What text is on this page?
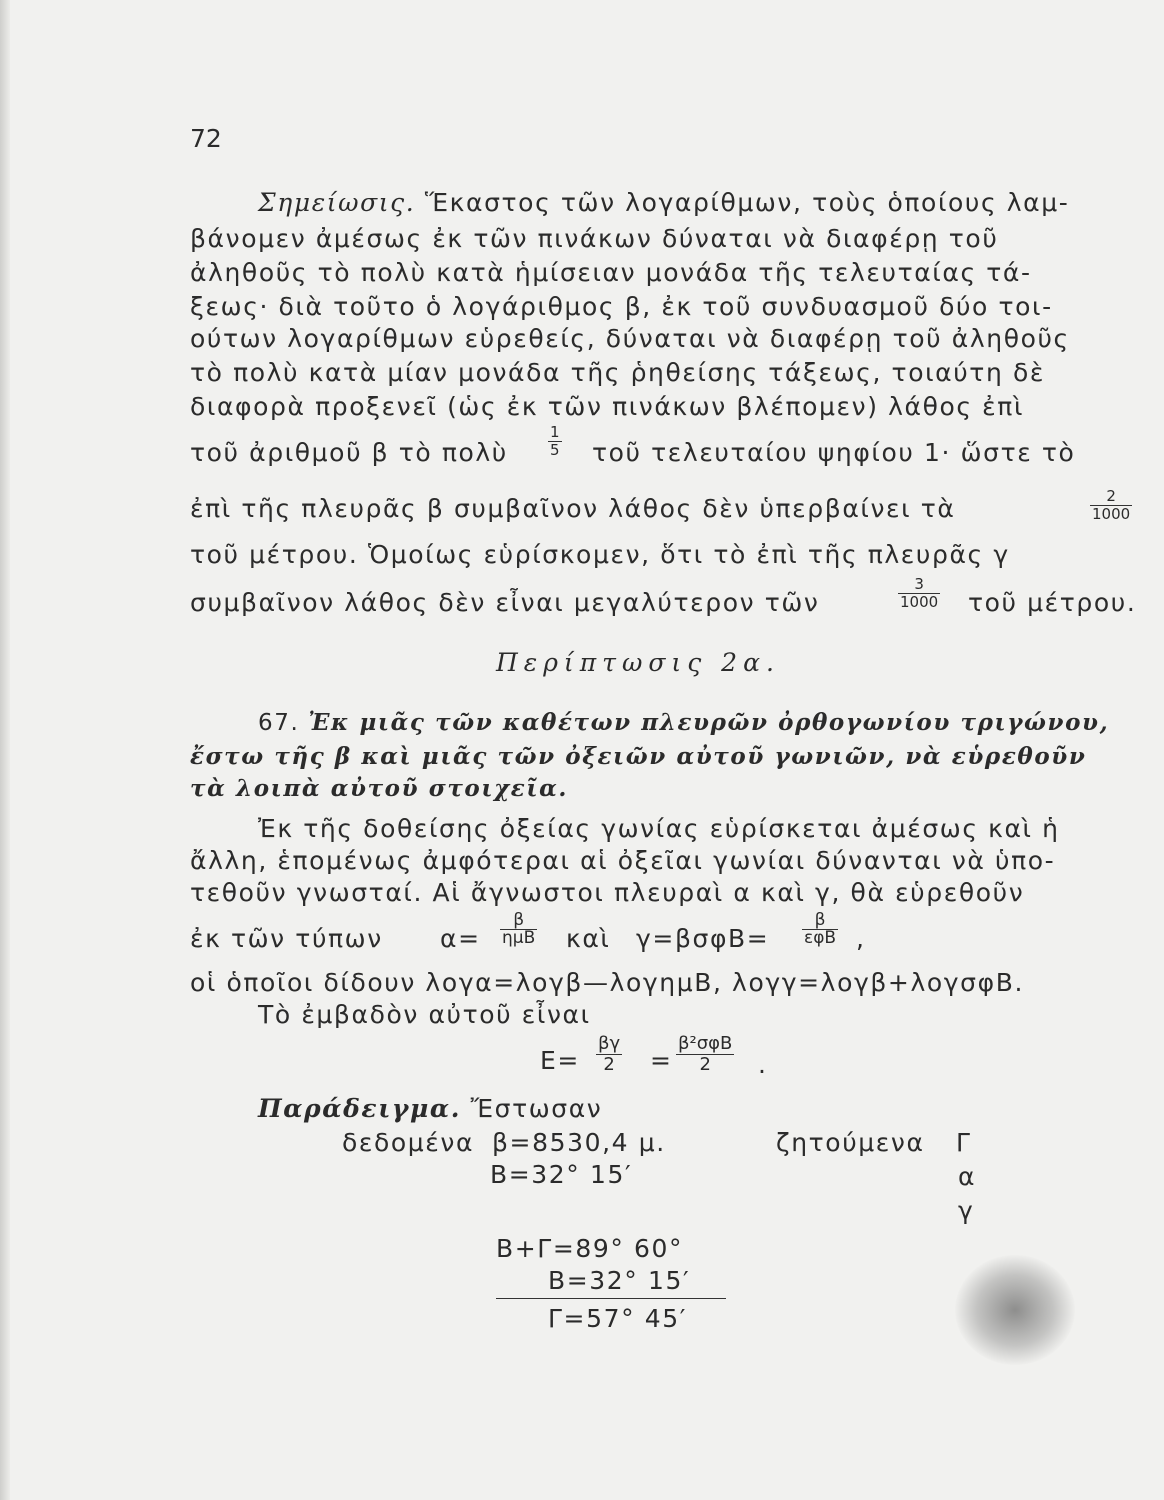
72
Σημείωσις. Ἕκαστος τῶν λογαρίθμων, τοὺς ὁποίους λαμ-
βάνομεν ἀμέσως ἐκ τῶν πινάκων δύναται νὰ διαφέρῃ τοῦ
ἀληθοῦς τὸ πολὺ κατὰ ἡμίσειαν μονάδα τῆς τελευταίας τά-
ξεως· διὰ τοῦτο ὁ λογάριθμος β, ἐκ τοῦ συνδυασμοῦ δύο τοι-
ούτων λογαρίθμων εὑρεθείς, δύναται νὰ διαφέρῃ τοῦ ἀληθοῦς
τὸ πολὺ κατὰ μίαν μονάδα τῆς ῥηθείσης τάξεως, τοιαύτη δὲ
διαφορὰ προξενεῖ (ὡς ἐκ τῶν πινάκων βλέπομεν) λάθος ἐπὶ
τοῦ ἀριθμοῦ β τὸ πολὺ
1
5 τοῦ τελευταίου ψηφίου 1· ὥστε τὸ
ἐπὶ τῆς πλευρᾶς β συμβαῖνον λάθος δὲν ὑπερβαίνει τὰ	2
1000
τοῦ μέτρου. Ὁμοίως εὑρίσκομεν, ὅτι τὸ ἐπὶ τῆς πλευρᾶς γ
συμβαῖνον λάθος δὲν εἶναι μεγαλύτερον τῶν
3
1000 τοῦ μέτρου.
Περίπτωσις 2α.
67. Ἐκ μιᾶς τῶν καθέτων πλευρῶν ὀρθογωνίου τριγώνου,
ἔστω τῆς β καὶ μιᾶς τῶν ὀξειῶν αὐτοῦ γωνιῶν, νὰ εὑρεθοῦν
τὰ λοιπὰ αὐτοῦ στοιχεῖα.
Ἐκ τῆς δοθείσης ὀξείας γωνίας εὑρίσκεται ἀμέσως καὶ ἡ
ἄλλη, ἑπομένως ἀμφότεραι αἱ ὀξεῖαι γωνίαι δύνανται νὰ ὑπο-
τεθοῦν γνωσταί. Αἱ ἄγνωστοι πλευραὶ α καὶ γ, θὰ εὑρεθοῦν
ἐκ τῶν τύπων α=
β
ημB καὶ γ=βσφB=
β
εφB ,
οἱ ὁποῖοι δίδουν λογα=λογβ—λογημB, λογγ=λογβ+λογσφB.
Τὸ ἐμβαδὸν αὐτοῦ εἶναι
E=
βγ
2 =
β²σφB
2 .
Παράδειγμα. Ἔστωσαν
δεδομένα β=8530,4 μ.
B=32° 15′
ζητούμενα Γ
α
γ
B+Γ=89° 60°
B=32° 15′
Γ=57° 45′
